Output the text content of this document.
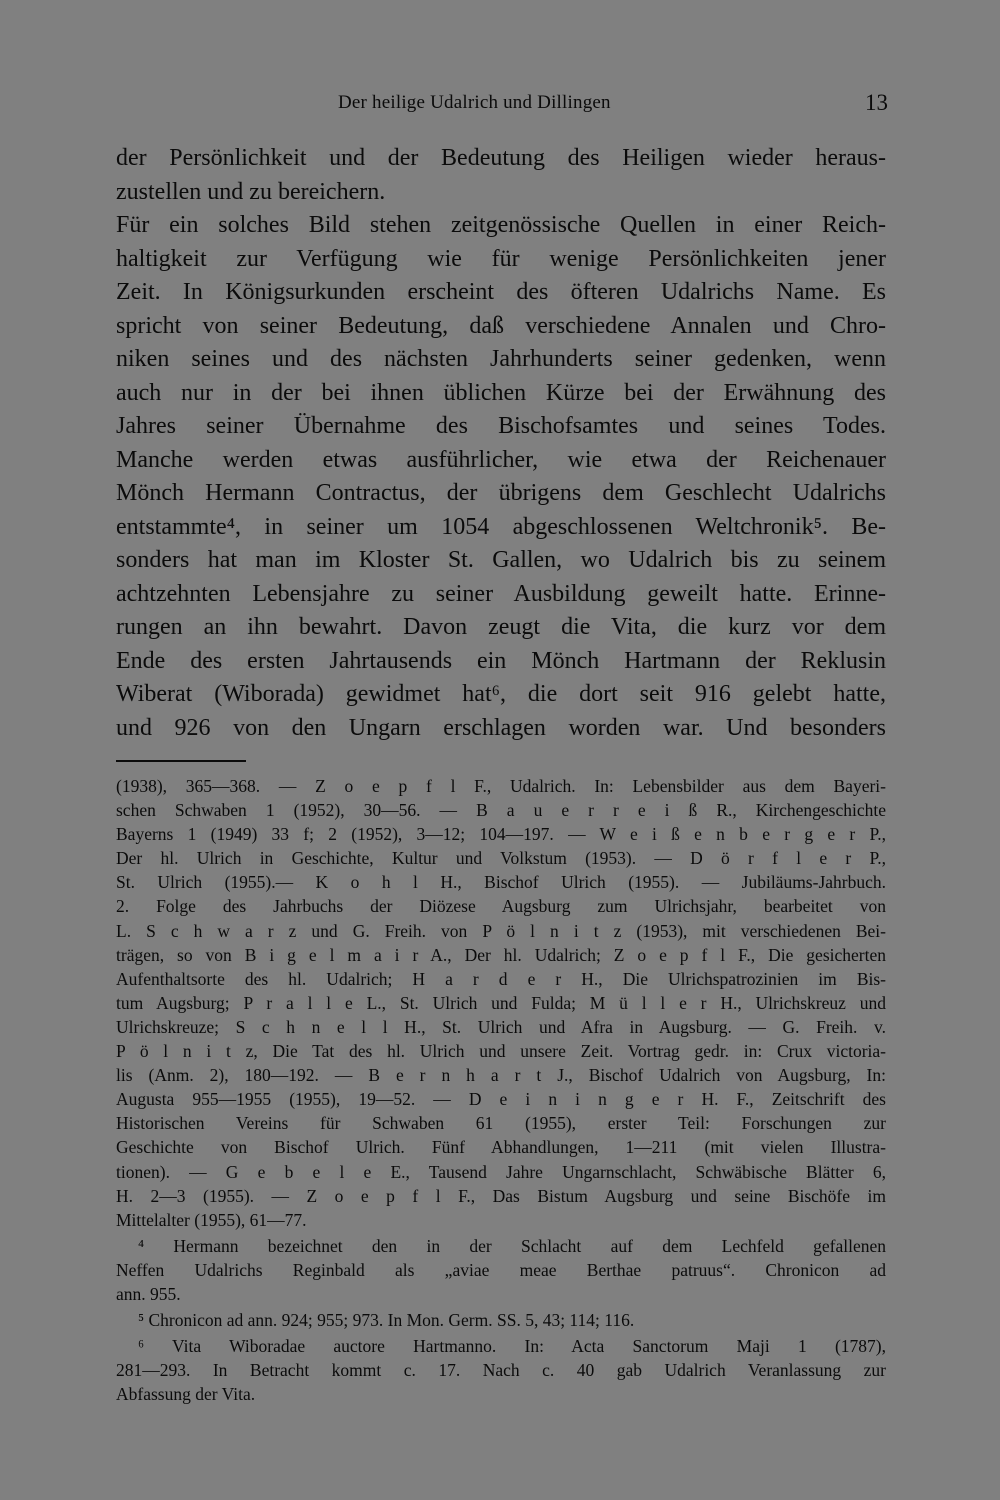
Der heilige Udalrich und Dillingen	13
der Persönlichkeit und der Bedeutung des Heiligen wieder heraus-
zustellen und zu bereichern.
Für ein solches Bild stehen zeitgenössische Quellen in einer Reich-
haltigkeit zur Verfügung wie für wenige Persönlichkeiten jener
Zeit. In Königsurkunden erscheint des öfteren Udalrichs Name. Es
spricht von seiner Bedeutung, daß verschiedene Annalen und Chro-
niken seines und des nächsten Jahrhunderts seiner gedenken, wenn
auch nur in der bei ihnen üblichen Kürze bei der Erwähnung des
Jahres seiner Übernahme des Bischofsamtes und seines Todes.
Manche werden etwas ausführlicher, wie etwa der Reichenauer
Mönch Hermann Contractus, der übrigens dem Geschlecht Udalrichs
entstammte⁴, in seiner um 1054 abgeschlossenen Weltchronik⁵. Be-
sonders hat man im Kloster St. Gallen, wo Udalrich bis zu seinem
achtzehnten Lebensjahre zu seiner Ausbildung geweilt hatte. Erinne-
rungen an ihn bewahrt. Davon zeugt die Vita, die kurz vor dem
Ende des ersten Jahrtausends ein Mönch Hartmann der Reklusin
Wiberat (Wiborada) gewidmet hat⁶, die dort seit 916 gelebt hatte,
und 926 von den Ungarn erschlagen worden war. Und besonders
(1938), 365—368. — Z o e p f l F., Udalrich. In: Lebensbilder aus dem Bayeri-
schen Schwaben 1 (1952), 30—56. — B a u e r r e i ß R., Kirchengeschichte
Bayerns 1 (1949) 33 f; 2 (1952), 3—12; 104—197. — W e i ß e n b e r g e r P.,
Der hl. Ulrich in Geschichte, Kultur und Volkstum (1953). — D ö r f l e r P.,
St. Ulrich (1955).— K o h l H., Bischof Ulrich (1955). — Jubiläums-Jahrbuch.
2. Folge des Jahrbuchs der Diözese Augsburg zum Ulrichsjahr, bearbeitet von
L. S c h w a r z und G. Freih. von P ö l n i t z (1953), mit verschiedenen Bei-
trägen, so von B i g e l m a i r A., Der hl. Udalrich; Z o e p f l F., Die gesicherten
Aufenthaltsorte des hl. Udalrich; H a r d e r H., Die Ulrichspatrozinien im Bis-
tum Augsburg; P r a l l e L., St. Ulrich und Fulda; M ü l l e r H., Ulrichskreuz und
Ulrichskreuze; S c h n e l l H., St. Ulrich und Afra in Augsburg. — G. Freih. v.
P ö l n i t z, Die Tat des hl. Ulrich und unsere Zeit. Vortrag gedr. in: Crux victoria-
lis (Anm. 2), 180—192. — B e r n h a r t J., Bischof Udalrich von Augsburg, In:
Augusta 955—1955 (1955), 19—52. — D e i n i n g e r H. F., Zeitschrift des
Historischen Vereins für Schwaben 61 (1955), erster Teil: Forschungen zur
Geschichte von Bischof Ulrich. Fünf Abhandlungen, 1—211 (mit vielen Illustra-
tionen). — G e b e l e E., Tausend Jahre Ungarnschlacht, Schwäbische Blätter 6,
H. 2—3 (1955). — Z o e p f l F., Das Bistum Augsburg und seine Bischöfe im
Mittelalter (1955), 61—77.
⁴ Hermann bezeichnet den in der Schlacht auf dem Lechfeld gefallenen
Neffen Udalrichs Reginbald als „aviae meae Berthae patruus“. Chronicon ad
ann. 955.
⁵ Chronicon ad ann. 924; 955; 973. In Mon. Germ. SS. 5, 43; 114; 116.
⁶ Vita Wiboradae auctore Hartmanno. In: Acta Sanctorum Maji 1 (1787),
281—293. In Betracht kommt c. 17. Nach c. 40 gab Udalrich Veranlassung zur
Abfassung der Vita.
